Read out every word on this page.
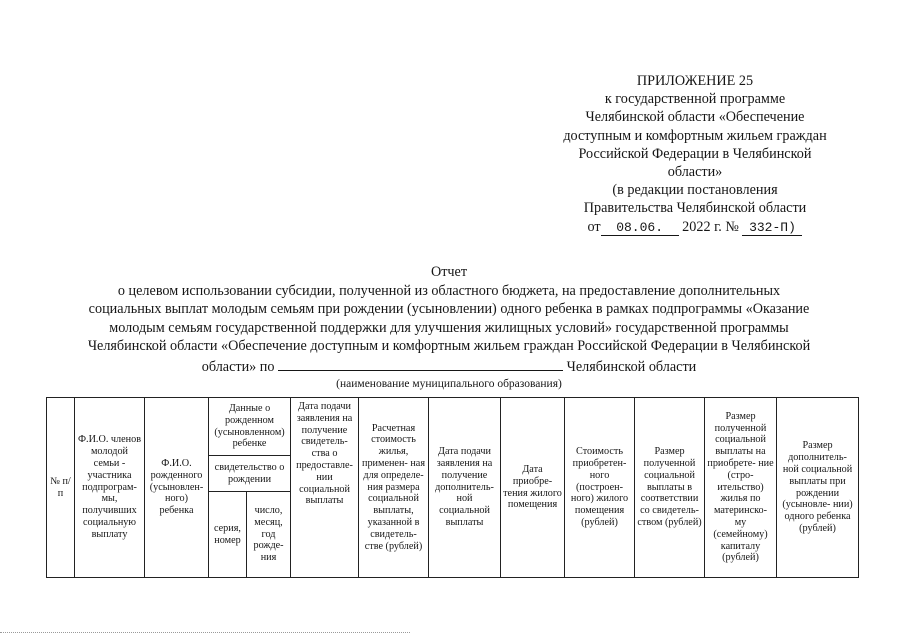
ПРИЛОЖЕНИЕ 25
к государственной программе
Челябинской области «Обеспечение
доступным и комфортным жильем граждан
Российской Федерации в Челябинской
области»
(в редакции постановления
Правительства Челябинской области
от 08.06. 2022 г. № 332-П)
Отчет
о целевом использовании субсидии, полученной из областного бюджета, на предоставление дополнительных
социальных выплат молодым семьям при рождении (усыновлении) одного ребенка в рамках подпрограммы «Оказание
молодым семьям государственной поддержки для улучшения жилищных условий» государственной программы
Челябинской области «Обеспечение доступным и комфортным жильем граждан Российской Федерации в Челябинской
области» по	Челябинской области
(наименование муниципального образования)
№ п/п	Ф.И.О. членов молодой семьи - участника подпрограм- мы, получивших социальную выплату	Ф.И.О. рожденного (усыновлен- ного) ребенка	Данные о рожденном (усыновленном) ребенке		Дата подачи заявления на получение свидетель- ства о предоставле- нии социальной выплаты	Расчетная стоимость жилья, применен- ная для определе- ния размера социальной выплаты, указанной в свидетель- стве (рублей)	Дата подачи заявления на получение дополнитель- ной социальной выплаты	Дата приобре- тения жилого помещения	Стоимость приобретен- ного (построен- ного) жилого помещения (рублей)	Размер полученной социальной выплаты в соответствии со свидетель- ством (рублей)	Размер полученной социальной выплаты на приобрете- ние (стро- ительство) жилья по материнско- му (семейному) капиталу (рублей)	Размер дополнитель- ной социальной выплаты при рождении (усыновле- нии) одного ребенка (рублей)
			свидетельство о рождении									
			серия, номер	число, месяц, год рожде- ния								
